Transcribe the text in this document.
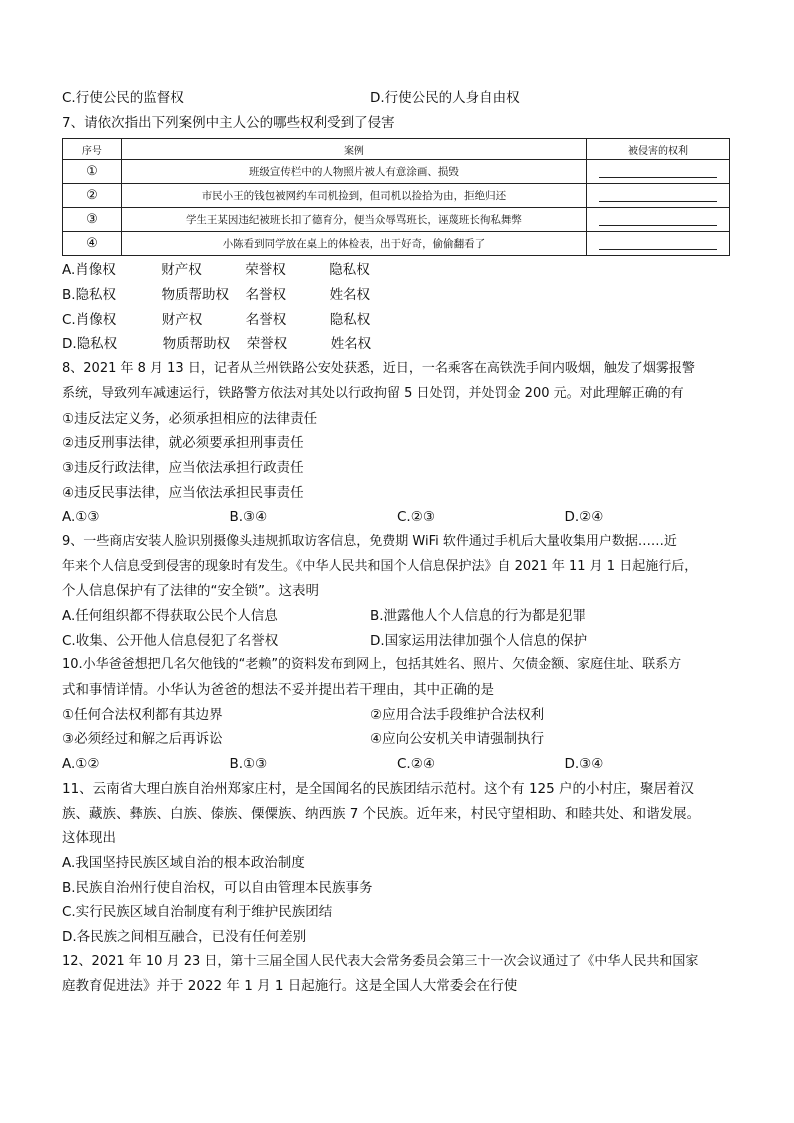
C.行使公民的监督权	D.行使公民的人身自由权
7、请依次指出下列案例中主人公的哪些权利受到了侵害
序号	案例	被侵害的权利
①	班级宣传栏中的人物照片被人有意涂画、损毁	
②	市民小王的钱包被网约车司机捡到，但司机以捡拾为由，拒绝归还	
③	学生王某因违纪被班长扣了德育分，便当众辱骂班长，诬蔑班长徇私舞弊	
④	小陈看到同学放在桌上的体检表，出于好奇，偷偷翻看了	
A.肖像权	财产权	荣誉权	隐私权
B.隐私权	物质帮助权 名誉权	姓名权
C.肖像权	财产权	名誉权	隐私权
D.隐私权	物质帮助权 荣誉权	姓名权
8、2021 年 8 月 13 日，记者从兰州铁路公安处获悉，近日，一名乘客在高铁洗手间内吸烟，触发了烟雾报警
系统，导致列车减速运行，铁路警方依法对其处以行政拘留 5 日处罚，并处罚金 200 元。对此理解正确的有
①违反法定义务，必须承担相应的法律责任
②违反刑事法律，就必须要承担刑事责任
③违反行政法律，应当依法承担行政责任
④违反民事法律，应当依法承担民事责任
A.①③	B.③④	C.②③	D.②④
9、一些商店安装人脸识别摄像头违规抓取访客信息，免费期 WiFi 软件通过手机后大量收集用户数据……近
年来个人信息受到侵害的现象时有发生。《中华人民共和国个人信息保护法》自 2021 年 11 月 1 日起施行后，
个人信息保护有了法律的“安全锁”。这表明
A.任何组织都不得获取公民个人信息	B.泄露他人个人信息的行为都是犯罪
C.收集、公开他人信息侵犯了名誉权	D.国家运用法律加强个人信息的保护
10.小华爸爸想把几名欠他钱的“老赖”的资料发布到网上，包括其姓名、照片、欠债金额、家庭住址、联系方
式和事情详情。小华认为爸爸的想法不妥并提出若干理由，其中正确的是
①任何合法权利都有其边界	②应用合法手段维护合法权利
③必须经过和解之后再诉讼	④应向公安机关申请强制执行
A.①②	B.①③	C.②④	D.③④
11、云南省大理白族自治州郑家庄村，是全国闻名的民族团结示范村。这个有 125 户的小村庄，聚居着汉
族、藏族、彝族、白族、傣族、傈僳族、纳西族 7 个民族。近年来，村民守望相助、和睦共处、和谐发展。
这体现出
A.我国坚持民族区域自治的根本政治制度
B.民族自治州行使自治权，可以自由管理本民族事务
C.实行民族区域自治制度有利于维护民族团结
D.各民族之间相互融合，已没有任何差别
12、2021 年 10 月 23 日，第十三届全国人民代表大会常务委员会第三十一次会议通过了《中华人民共和国家
庭教育促进法》并于 2022 年 1 月 1 日起施行。这是全国人大常委会在行使
